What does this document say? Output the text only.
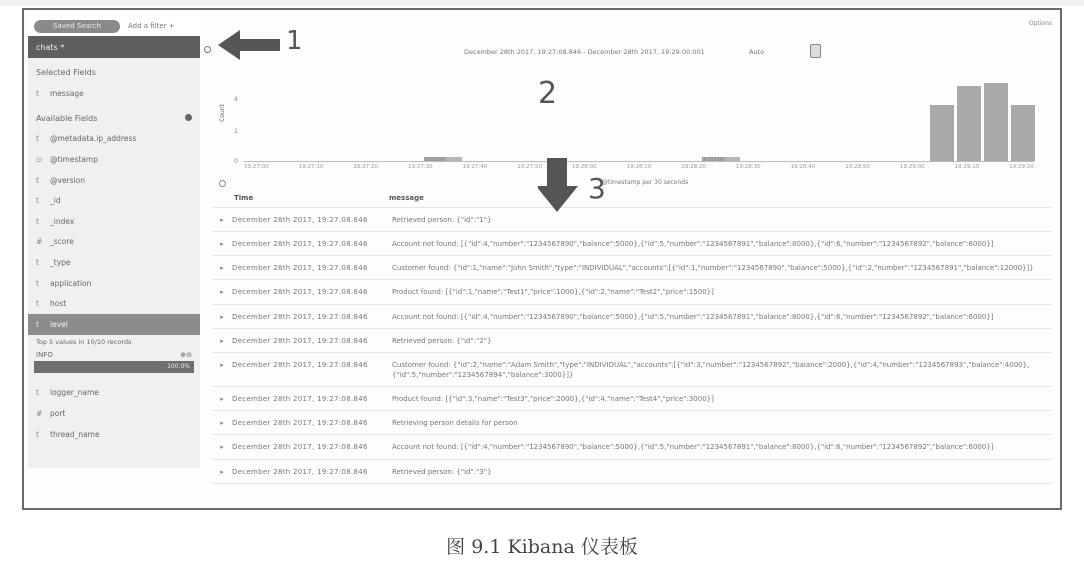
Saved Search	Add a filter +
chats *
Selected Fields
t	message
Available Fields
t	@metadata.ip_address
⊙ @timestamp
t	@version
t	_id
t	_index
# _score
t	_type
t	application
t	host
t	level
Top 5 values in 10/10 records
INFO	⊕⊖
100.0%
t	logger_name
# port
t	thread_name
Options
December 28th 2017, 19:27:08.846 - December 28th 2017, 19:29:00.001	Auto
Count
4
2
0	0000000	0000000
19:27:00	19:27:10	19:27:20	19:27:30	19:27:40	19:27:50	19:28:00	19:28:10	19:28:20	19:28:30	19:28:40	19:28:50	19:29:00	19:29:10	19:29:20
@timestamp per 30 seconds
Time	message
▸	December 28th 2017, 19:27:08.846	Retrieved person: {"id":"1"}
▸	December 28th 2017, 19:27:08.846	Account not found: [{"id":4,"number":"1234567890","balance":5000},{"id":5,"number":"1234567891","balance":8000},{"id":6,"number":"1234567892","balance":6000}]
▸	December 28th 2017, 19:27:08.846	Customer found: {"id":1,"name":"John Smith","type":"INDIVIDUAL","accounts":[{"id":1,"number":"1234567890","balance":5000},{"id":2,"number":"1234567891","balance":12000}]}
▸	December 28th 2017, 19:27:08.846	Product found: [{"id":1,"name":"Test1","price":1000},{"id":2,"name":"Test2","price":1500}]
▸	December 28th 2017, 19:27:08.846	Account not found: [{"id":4,"number":"1234567890","balance":5000},{"id":5,"number":"1234567891","balance":8000},{"id":6,"number":"1234567892","balance":6000}]
▸	December 28th 2017, 19:27:08.846	Retrieved person: {"id":"2"}
▸	December 28th 2017, 19:27:08.846	Customer found: {"id":2,"name":"Adam Smith","type":"INDIVIDUAL","accounts":[{"id":3,"number":"1234567892","balance":2000},{"id":4,"number":"1234567893","balance":4000},{"id":5,"number":"1234567894","balance":3000}]}
▸	December 28th 2017, 19:27:08.846	Product found: [{"id":3,"name":"Test3","price":2000},{"id":4,"name":"Test4","price":3000}]
▸	December 28th 2017, 19:27:08.846	Retrieving person details for person
▸	December 28th 2017, 19:27:08.846	Account not found: [{"id":4,"number":"1234567890","balance":5000},{"id":5,"number":"1234567891","balance":8000},{"id":6,"number":"1234567892","balance":6000}]
▸	December 28th 2017, 19:27:08.846	Retrieved person: {"id":"3"}
1
2
3
图 9.1 Kibana 仪表板
